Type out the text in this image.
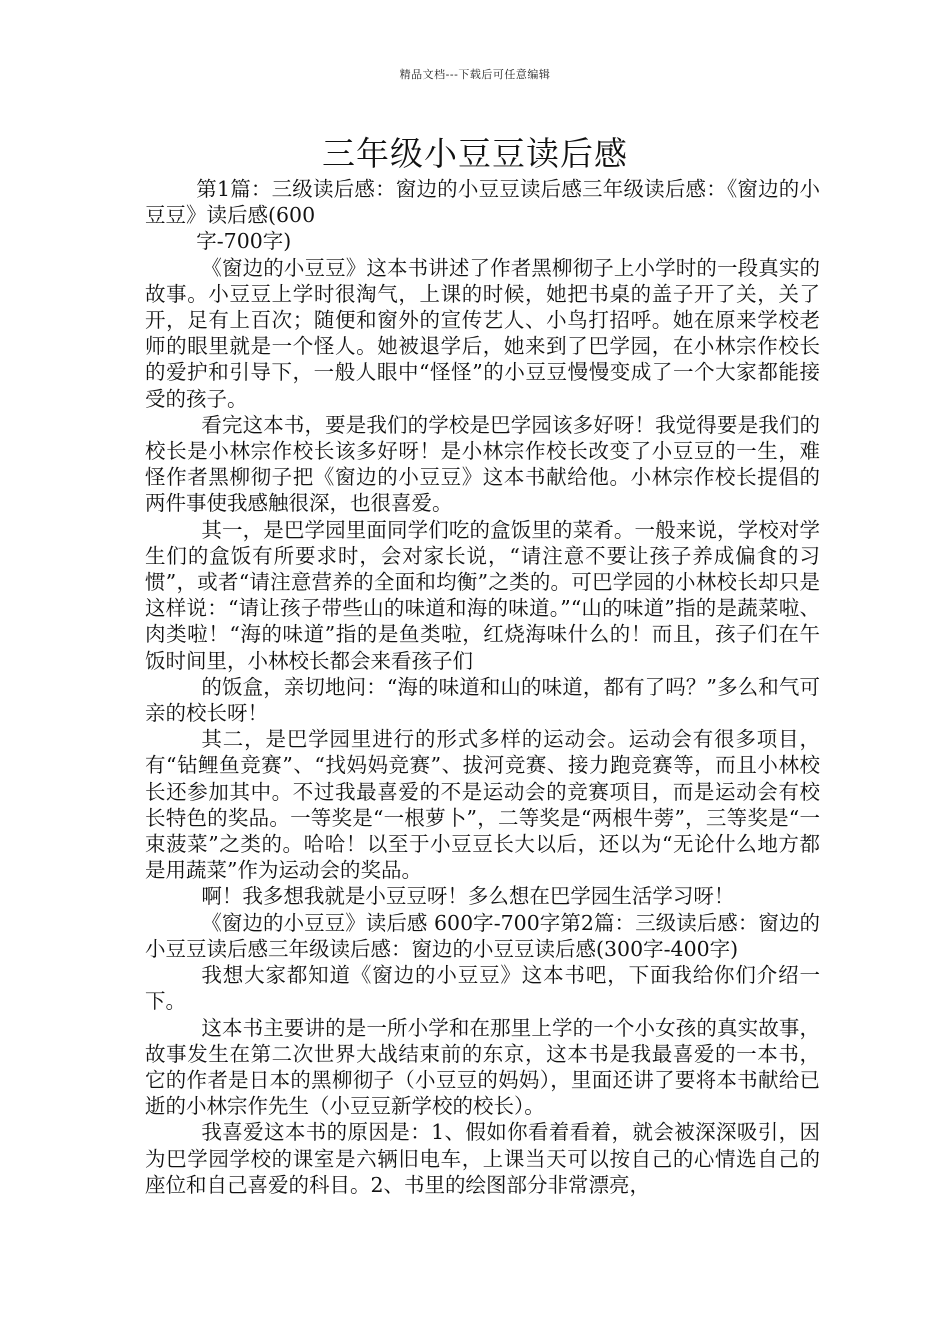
精品文档---下载后可任意编辑
三年级小豆豆读后感

第1篇：三级读后感：窗边的小豆豆读后感三年级读后感：《窗边的小豆豆》读后感(600

字-700字)

《窗边的小豆豆》这本书讲述了作者黑柳彻子上小学时的一段真实的故事。小豆豆上学时很淘气，上课的时候，她把书桌的盖子开了关，关了开，足有上百次；随便和窗外的宣传艺人、小鸟打招呼。她在原来学校老师的眼里就是一个怪人。她被退学后，她来到了巴学园，在小林宗作校长的爱护和引导下，一般人眼中“怪怪”的小豆豆慢慢变成了一个大家都能接受的孩子。

看完这本书，要是我们的学校是巴学园该多好呀！我觉得要是我们的校长是小林宗作校长该多好呀！是小林宗作校长改变了小豆豆的一生，难怪作者黑柳彻子把《窗边的小豆豆》这本书献给他。小林宗作校长提倡的两件事使我感触很深，也很喜爱。

其一，是巴学园里面同学们吃的盒饭里的菜肴。一般来说，学校对学生们的盒饭有所要求时，会对家长说，“请注意不要让孩子养成偏食的习惯”，或者“请注意营养的全面和均衡”之类的。可巴学园的小林校长却只是这样说：“请让孩子带些山的味道和海的味道。”“山的味道”指的是蔬菜啦、肉类啦！“海的味道”指的是鱼类啦，红烧海味什么的！而且，孩子们在午饭时间里，小林校长都会来看孩子们

的饭盒，亲切地问：“海的味道和山的味道，都有了吗？”多么和气可亲的校长呀！

其二，是巴学园里进行的形式多样的运动会。运动会有很多项目，有“钻鲤鱼竞赛”、“找妈妈竞赛”、拔河竞赛、接力跑竞赛等，而且小林校长还参加其中。不过我最喜爱的不是运动会的竞赛项目，而是运动会有校长特色的奖品。一等奖是“一根萝卜”，二等奖是“两根牛蒡”，三等奖是“一束菠菜”之类的。哈哈！以至于小豆豆长大以后，还以为“无论什么地方都是用蔬菜”作为运动会的奖品。

啊！我多想我就是小豆豆呀！多么想在巴学园生活学习呀！

《窗边的小豆豆》读后感 600字-700字第2篇：三级读后感：窗边的小豆豆读后感三年级读后感：窗边的小豆豆读后感(300字-400字)

我想大家都知道《窗边的小豆豆》这本书吧，下面我给你们介绍一下。

这本书主要讲的是一所小学和在那里上学的一个小女孩的真实故事，故事发生在第二次世界大战结束前的东京，这本书是我最喜爱的一本书，它的作者是日本的黑柳彻子（小豆豆的妈妈），里面还讲了要将本书献给已逝的小林宗作先生（小豆豆新学校的校长）。

我喜爱这本书的原因是：1、假如你看着看着，就会被深深吸引，因为巴学园学校的课室是六辆旧电车，上课当天可以按自己的心情选自己的座位和自己喜爱的科目。2、书里的绘图部分非常漂亮，
